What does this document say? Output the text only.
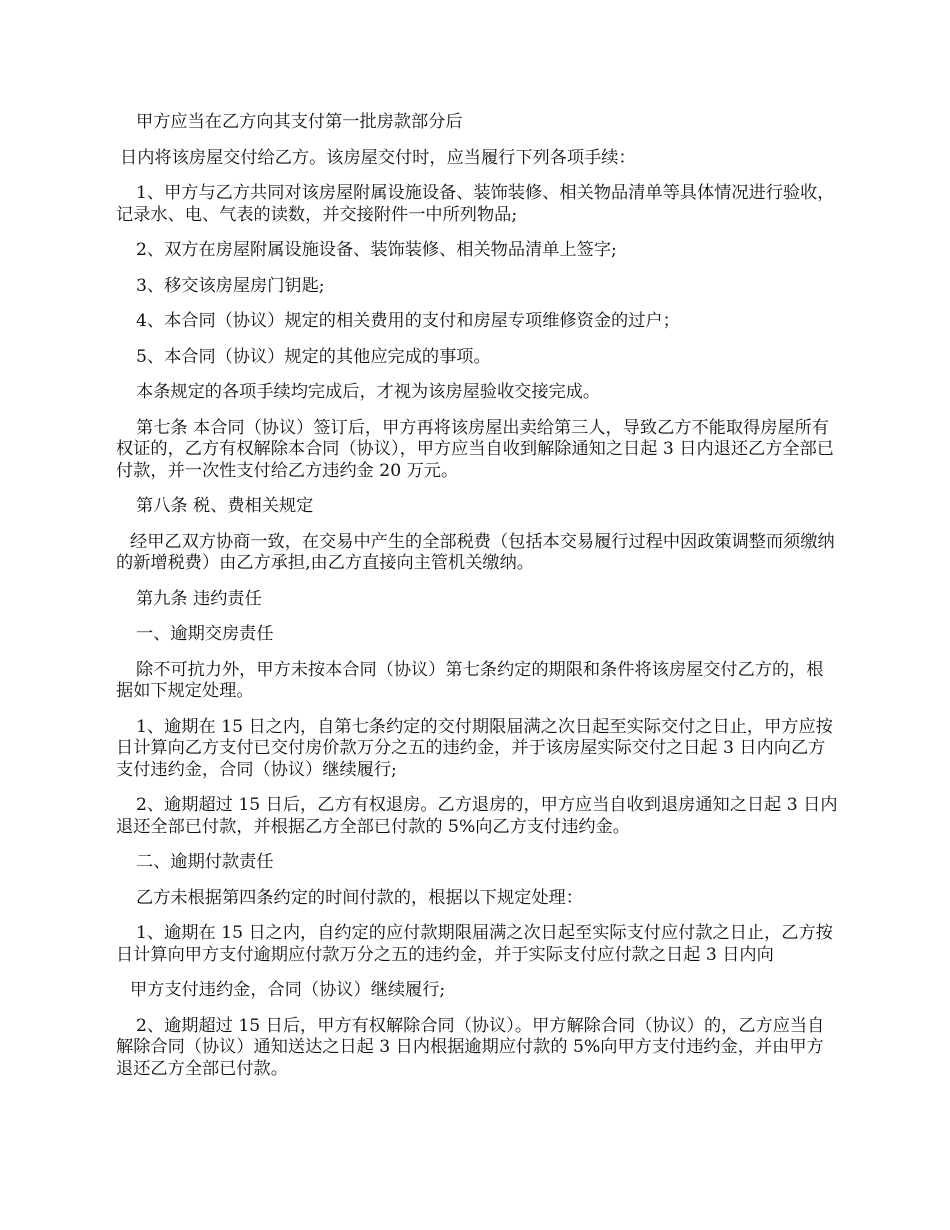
甲方应当在乙方向其支付第一批房款部分后

日内将该房屋交付给乙方。该房屋交付时，应当履行下列各项手续：

1、甲方与乙方共同对该房屋附属设施设备、装饰装修、相关物品清单等具体情况进行验收，记录水、电、气表的读数，并交接附件一中所列物品;

2、双方在房屋附属设施设备、装饰装修、相关物品清单上签字;

3、移交该房屋房门钥匙;

4、本合同（协议）规定的相关费用的支付和房屋专项维修资金的过户；

5、本合同（协议）规定的其他应完成的事项。

本条规定的各项手续均完成后，才视为该房屋验收交接完成。

第七条 本合同（协议）签订后，甲方再将该房屋出卖给第三人，导致乙方不能取得房屋所有权证的，乙方有权解除本合同（协议），甲方应当自收到解除通知之日起 3 日内退还乙方全部已付款，并一次性支付给乙方违约金 20 万元。

第八条 税、费相关规定

经甲乙双方协商一致，在交易中产生的全部税费（包括本交易履行过程中因政策调整而须缴纳的新增税费）由乙方承担,由乙方直接向主管机关缴纳。

第九条 违约责任

一、逾期交房责任

除不可抗力外，甲方未按本合同（协议）第七条约定的期限和条件将该房屋交付乙方的，根据如下规定处理。

1、逾期在 15 日之内，自第七条约定的交付期限届满之次日起至实际交付之日止，甲方应按日计算向乙方支付已交付房价款万分之五的违约金，并于该房屋实际交付之日起 3 日内向乙方支付违约金，合同（协议）继续履行;

2、逾期超过 15 日后，乙方有权退房。乙方退房的，甲方应当自收到退房通知之日起 3 日内退还全部已付款，并根据乙方全部已付款的 5%向乙方支付违约金。

二、逾期付款责任

乙方未根据第四条约定的时间付款的，根据以下规定处理：

1、逾期在 15 日之内，自约定的应付款期限届满之次日起至实际支付应付款之日止，乙方按日计算向甲方支付逾期应付款万分之五的违约金，并于实际支付应付款之日起 3 日内向

甲方支付违约金，合同（协议）继续履行;

2、逾期超过 15 日后，甲方有权解除合同（协议）。甲方解除合同（协议）的，乙方应当自解除合同（协议）通知送达之日起 3 日内根据逾期应付款的 5%向甲方支付违约金，并由甲方退还乙方全部已付款。
